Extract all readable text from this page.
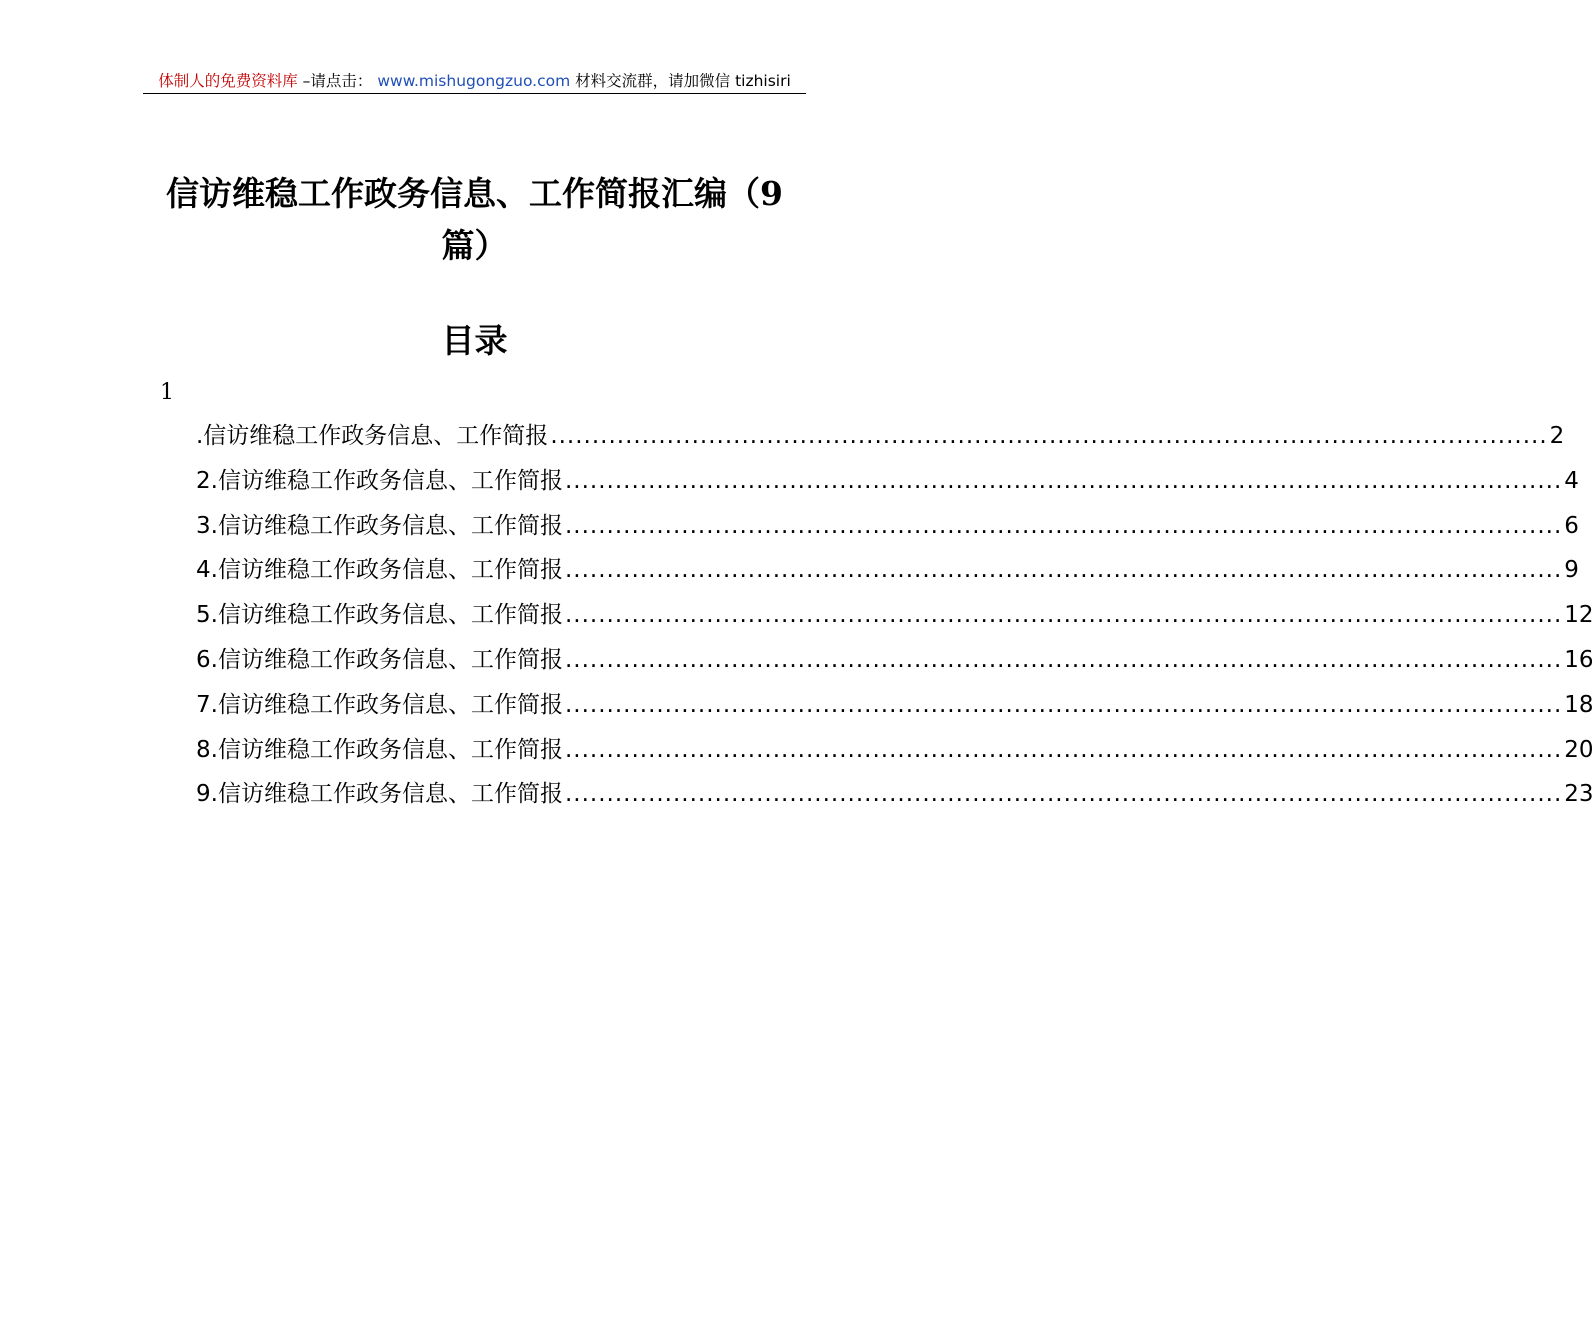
体制人的免费资料库 –请点击： www.mishugongzuo.com 材料交流群，请加微信 tizhisiri
信访维稳工作政务信息、工作简报汇编（9篇）
目录
1
.信访维稳工作政务信息、工作简报 ........................................................................................................................ 2
2.信访维稳工作政务信息、工作简报 ........................................................................................................................ 4
3.信访维稳工作政务信息、工作简报 ........................................................................................................................ 6
4.信访维稳工作政务信息、工作简报 ........................................................................................................................ 9
5.信访维稳工作政务信息、工作简报 ........................................................................................................................ 12
6.信访维稳工作政务信息、工作简报 ........................................................................................................................ 16
7.信访维稳工作政务信息、工作简报 ........................................................................................................................ 18
8.信访维稳工作政务信息、工作简报 ........................................................................................................................ 20
9.信访维稳工作政务信息、工作简报 ........................................................................................................................ 23
